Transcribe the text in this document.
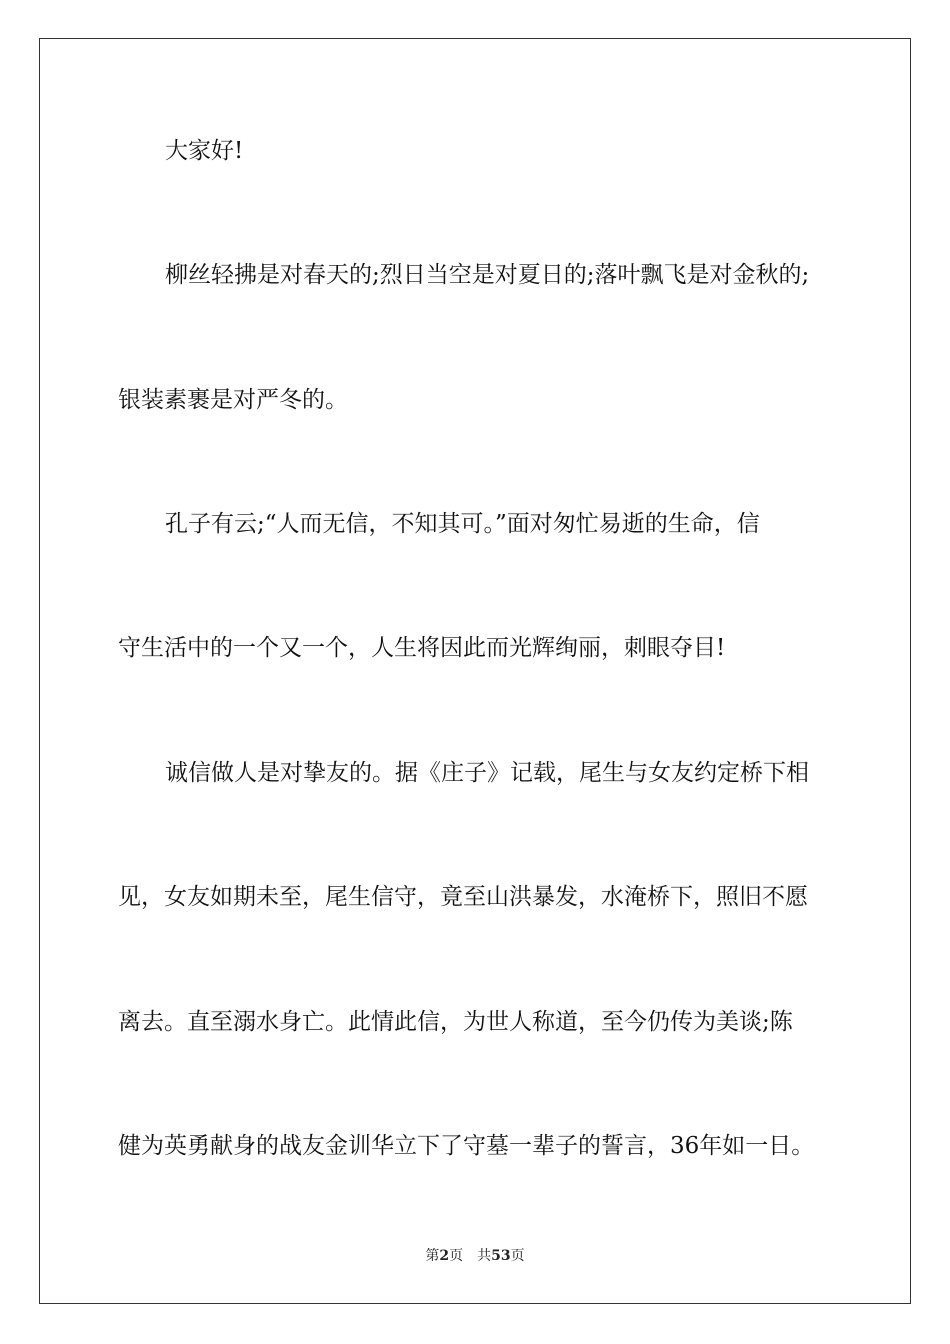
大家好!
柳丝轻拂是对春天的;烈日当空是对夏日的;落叶飘飞是对金秋的;
银装素裹是对严冬的。
孔子有云;“人而无信，不知其可。”面对匆忙易逝的生命，信
守生活中的一个又一个，人生将因此而光辉绚丽，刺眼夺目!
诚信做人是对挚友的。据《庄子》记载，尾生与女友约定桥下相
见，女友如期未至，尾生信守，竟至山洪暴发，水淹桥下，照旧不愿
离去。直至溺水身亡。此情此信，为世人称道，至今仍传为美谈;陈
健为英勇献身的战友金训华立下了守墓一辈子的誓言，36年如一日。
第2页 共53页
